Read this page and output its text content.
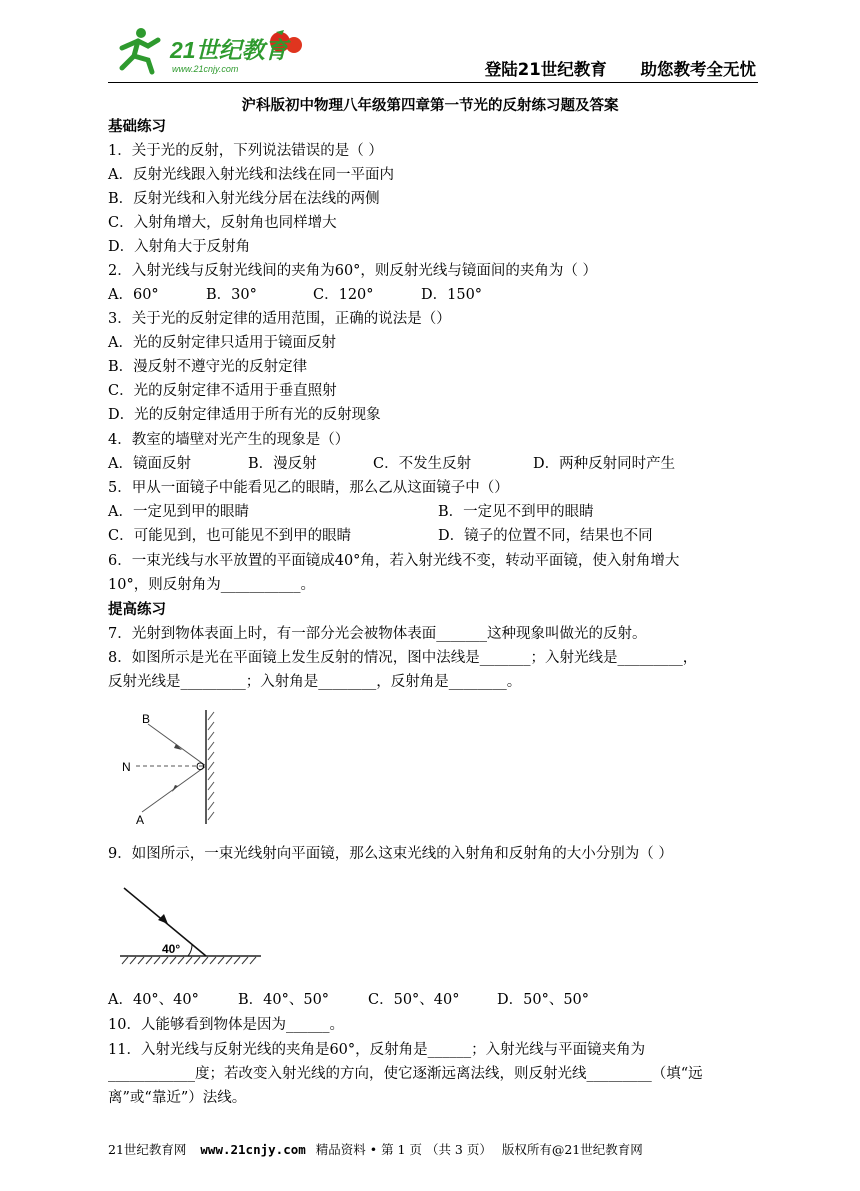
21世纪教育
www.21cnjy.com	登陆21世纪教育 助您教考全无忧
沪科版初中物理八年级第四章第一节光的反射练习题及答案
基础练习
1．关于光的反射，下列说法错误的是（ ）
A．反射光线跟入射光线和法线在同一平面内
B．反射光线和入射光线分居在法线的两侧
C．入射角增大，反射角也同样增大
D．入射角大于反射角
2．入射光线与反射光线间的夹角为60°，则反射光线与镜面间的夹角为（ ）
A．60°	B．30°	C．120°	D．150°
3．关于光的反射定律的适用范围，正确的说法是（）
A．光的反射定律只适用于镜面反射
B．漫反射不遵守光的反射定律
C．光的反射定律不适用于垂直照射
D．光的反射定律适用于所有光的反射现象
4．教室的墙壁对光产生的现象是（）
A．镜面反射	B．漫反射	C．不发生反射	D．两种反射同时产生
5．甲从一面镜子中能看见乙的眼睛，那么乙从这面镜子中（）
A．一定见到甲的眼睛	B．一定见不到甲的眼睛
C．可能见到，也可能见不到甲的眼睛	D．镜子的位置不同，结果也不同
6．一束光线与水平放置的平面镜成40°角，若入射光线不变，转动平面镜，使入射角增大
10°，则反射角为___________。
提高练习
7．光射到物体表面上时，有一部分光会被物体表面_______这种现象叫做光的反射。
8．如图所示是光在平面镜上发生反射的情况，图中法线是_______；入射光线是_________，
反射光线是_________；入射角是________，反射角是________。
B
N	O
A
9．如图所示，一束光线射向平面镜，那么这束光线的入射角和反射角的大小分别为（ ）
40°
A．40°、40°	B．40°、50°	C．50°、40°	D．50°、50°
10．人能够看到物体是因为______。
11．入射光线与反射光线的夹角是60°，反射角是______；入射光线与平面镜夹角为
____________度；若改变入射光线的方向，使它逐渐远离法线，则反射光线_________（填“远
离”或“靠近”）法线。
21世纪教育网 www.21cnjy.com 精品资料 • 第 1 页 （共 3 页） 版权所有@21世纪教育网
